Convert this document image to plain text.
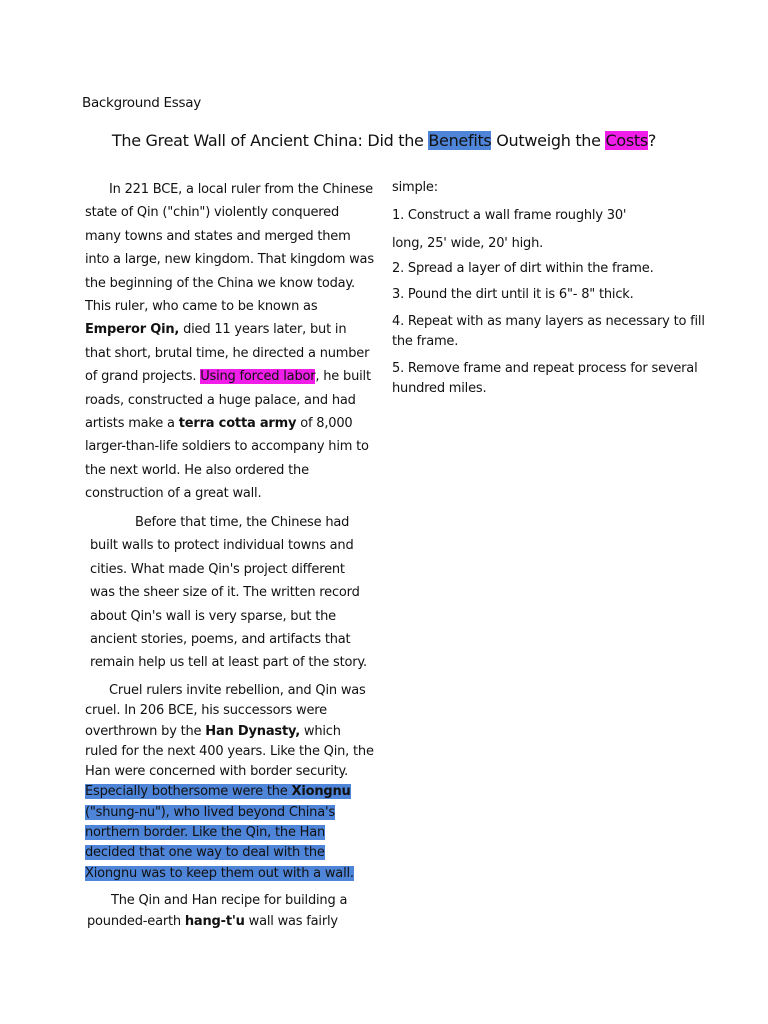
Background Essay
The Great Wall of Ancient China: Did the Benefits Outweigh the Costs?

In 221 BCE, a local ruler from the Chinese state of Qin ("chin") violently conquered many towns and states and merged them into a large, new kingdom. That kingdom was the beginning of the China we know today. This ruler, who came to be known as Emperor Qin, died 11 years later, but in that short, brutal time, he directed a number of grand projects. Using forced labor, he built roads, constructed a huge palace, and had artists make a terra cotta army of 8,000 larger-than-life soldiers to accompany him to the next world. He also ordered the construction of a great wall.

Before that time, the Chinese had built walls to protect individual towns and cities. What made Qin's project different was the sheer size of it. The written record about Qin's wall is very sparse, but the ancient stories, poems, and artifacts that remain help us tell at least part of the story.

Cruel rulers invite rebellion, and Qin was cruel. In 206 BCE, his successors were overthrown by the Han Dynasty, which ruled for the next 400 years. Like the Qin, the Han were concerned with border security. Especially bothersome were the Xiongnu ("shung-nu"), who lived beyond China's northern border. Like the Qin, the Han decided that one way to deal with the Xiongnu was to keep them out with a wall.

The Qin and Han recipe for building a pounded-earth hang-t'u wall was fairly

simple:
1. Construct a wall frame roughly 30'
long, 25' wide, 20' high.
2. Spread a layer of dirt within the frame.
3. Pound the dirt until it is 6"- 8" thick.
4. Repeat with as many layers as necessary to fill the frame.
5. Remove frame and repeat process for several hundred miles.
